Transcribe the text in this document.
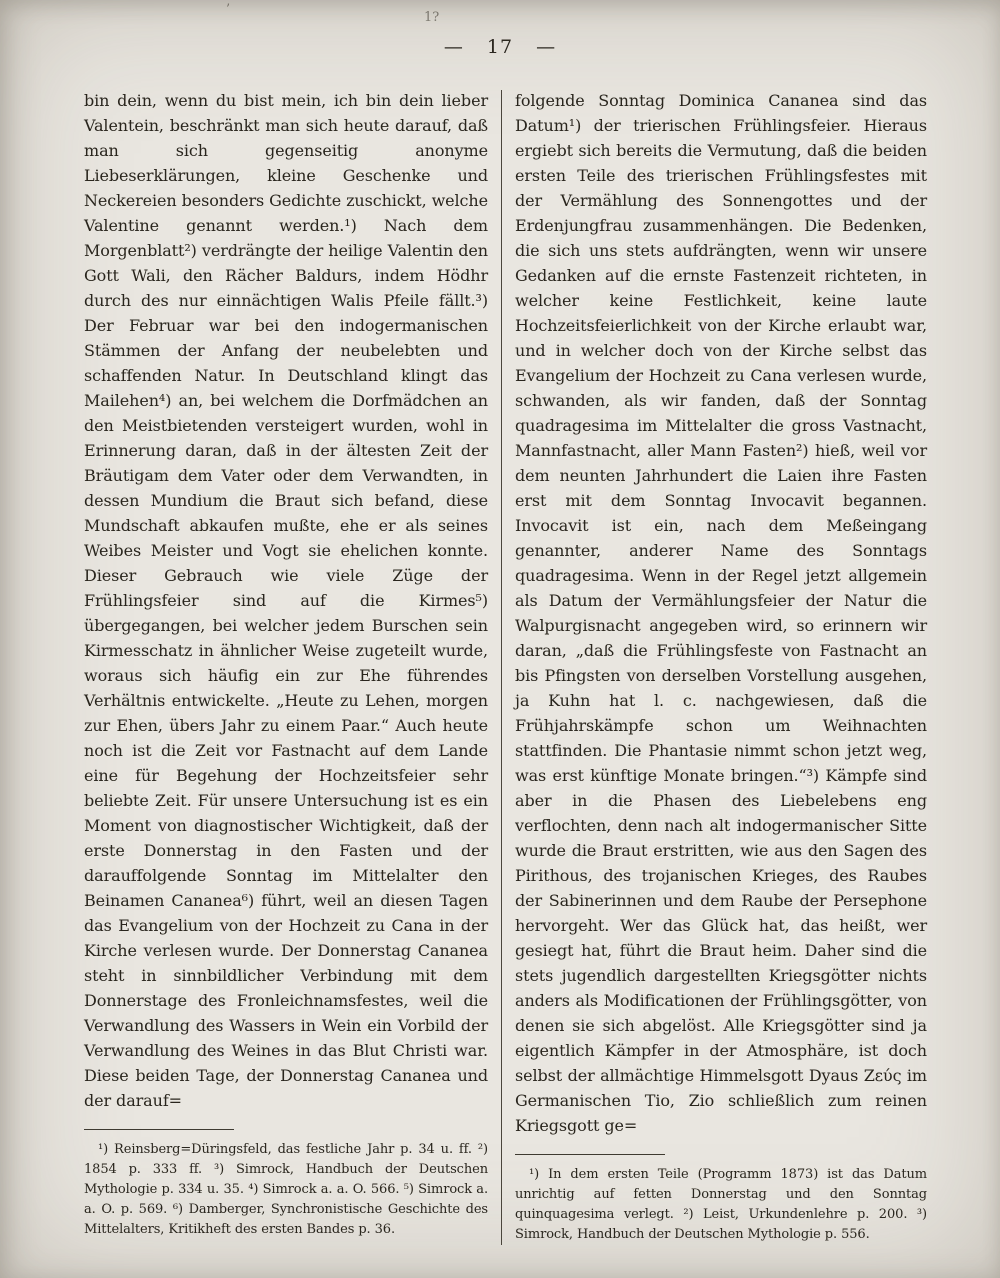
’
1?
— 17 —

bin dein, wenn du bist mein, ich bin dein lieber Valentein, beschränkt man sich heute darauf, daß man sich gegenseitig anonyme Liebeserklärungen, kleine Geschenke und Neckereien besonders Gedichte zuschickt, welche Valentine genannt werden.¹) Nach dem Morgenblatt²) verdrängte der heilige Valentin den Gott Wali, den Rächer Baldurs, indem Hödhr durch des nur einnächtigen Walis Pfeile fällt.³) Der Februar war bei den indogermanischen Stämmen der Anfang der neubelebten und schaffenden Natur. In Deutschland klingt das Mailehen⁴) an, bei welchem die Dorfmädchen an den Meistbietenden versteigert wurden, wohl in Erinnerung daran, daß in der ältesten Zeit der Bräutigam dem Vater oder dem Verwandten, in dessen Mundium die Braut sich befand, diese Mundschaft abkaufen mußte, ehe er als seines Weibes Meister und Vogt sie ehelichen konnte. Dieser Gebrauch wie viele Züge der Frühlingsfeier sind auf die Kirmes⁵) übergegangen, bei welcher jedem Burschen sein Kirmesschatz in ähnlicher Weise zugeteilt wurde, woraus sich häufig ein zur Ehe führendes Verhältnis entwickelte. „Heute zu Lehen, morgen zur Ehen, übers Jahr zu einem Paar.“ Auch heute noch ist die Zeit vor Fastnacht auf dem Lande eine für Begehung der Hochzeitsfeier sehr beliebte Zeit. Für unsere Untersuchung ist es ein Moment von diagnostischer Wichtigkeit, daß der erste Donnerstag in den Fasten und der darauffolgende Sonntag im Mittelalter den Beinamen Cananea⁶) führt, weil an diesen Tagen das Evangelium von der Hochzeit zu Cana in der Kirche verlesen wurde. Der Donnerstag Cananea steht in sinnbildlicher Verbindung mit dem Donnerstage des Fronleichnamsfestes, weil die Verwandlung des Wassers in Wein ein Vorbild der Verwandlung des Weines in das Blut Christi war. Diese beiden Tage, der Donnerstag Cananea und der darauf=

¹) Reinsberg=Düringsfeld, das festliche Jahr p. 34 u. ff. ²) 1854 p. 333 ff. ³) Simrock, Handbuch der Deutschen Mythologie p. 334 u. 35. ⁴) Simrock a. a. O. 566. ⁵) Simrock a. a. O. p. 569. ⁶) Damberger, Synchronistische Geschichte des Mittelalters, Kritikheft des ersten Bandes p. 36.

folgende Sonntag Dominica Cananea sind das Datum¹) der trierischen Frühlingsfeier. Hieraus ergiebt sich bereits die Vermutung, daß die beiden ersten Teile des trierischen Frühlingsfestes mit der Vermählung des Sonnengottes und der Erdenjungfrau zusammenhängen. Die Bedenken, die sich uns stets aufdrängten, wenn wir unsere Gedanken auf die ernste Fastenzeit richteten, in welcher keine Festlichkeit, keine laute Hochzeitsfeierlichkeit von der Kirche erlaubt war, und in welcher doch von der Kirche selbst das Evangelium der Hochzeit zu Cana verlesen wurde, schwanden, als wir fanden, daß der Sonntag quadragesima im Mittelalter die gross Vastnacht, Mannfastnacht, aller Mann Fasten²) hieß, weil vor dem neunten Jahrhundert die Laien ihre Fasten erst mit dem Sonntag Invocavit begannen. Invocavit ist ein, nach dem Meßeingang genannter, anderer Name des Sonntags quadragesima. Wenn in der Regel jetzt allgemein als Datum der Vermählungsfeier der Natur die Walpurgisnacht angegeben wird, so erinnern wir daran, „daß die Frühlingsfeste von Fastnacht an bis Pfingsten von derselben Vorstellung ausgehen, ja Kuhn hat l. c. nachgewiesen, daß die Frühjahrskämpfe schon um Weihnachten stattfinden. Die Phantasie nimmt schon jetzt weg, was erst künftige Monate bringen.“³) Kämpfe sind aber in die Phasen des Liebelebens eng verflochten, denn nach alt indogermanischer Sitte wurde die Braut erstritten, wie aus den Sagen des Pirithous, des trojanischen Krieges, des Raubes der Sabinerinnen und dem Raube der Persephone hervorgeht. Wer das Glück hat, das heißt, wer gesiegt hat, führt die Braut heim. Daher sind die stets jugendlich dargestellten Kriegsgötter nichts anders als Modificationen der Frühlingsgötter, von denen sie sich abgelöst. Alle Kriegsgötter sind ja eigentlich Kämpfer in der Atmosphäre, ist doch selbst der allmächtige Himmelsgott Dyaus Ζεύς im Germanischen Tio, Zio schließlich zum reinen Kriegsgott ge=

¹) In dem ersten Teile (Programm 1873) ist das Datum unrichtig auf fetten Donnerstag und den Sonntag quinquagesima verlegt. ²) Leist, Urkundenlehre p. 200. ³) Simrock, Handbuch der Deutschen Mythologie p. 556.
